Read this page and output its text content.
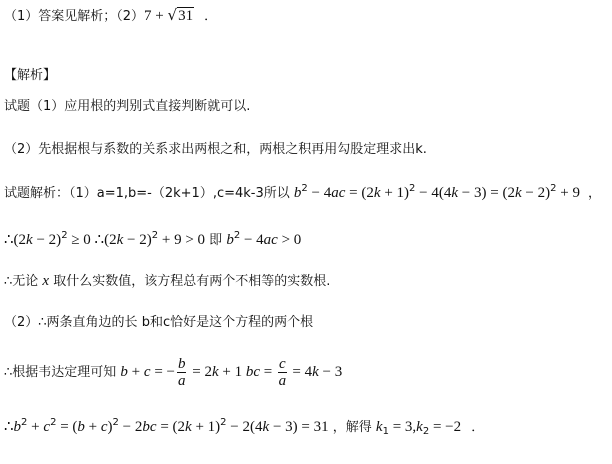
（1）答案见解析；（2）7 + √31 ．
【解析】
试题（1）应用根的判别式直接判断就可以.
（2）先根据根与系数的关系求出两根之和，两根之积再用勾股定理求出k.
试题解析：（1）a=1,b=-（2k+1）,c=4k-3所以 $b^2 - 4ac = (2k + 1)^2 - 4(4k - 3) = (2k - 2)^2 + 9$ ，
∴(2k − 2)$^2$ ≥ 0 ∴(2k − 2)$^2$ + 9 > 0 即 $b^2 - 4ac > 0$
∴无论 x 取什么实数值，该方程总有两个不相等的实数根.
（2）∴两条直角边的长 b和c恰好是这个方程的两个根
∴根据韦达定理可知 b + c = − $\frac{b}{a} = 2k + 1$ bc = $\frac{c}{a} = 4k - 3$
$\therefore b^2 + c^2 = (b + c)^2 - 2bc = (2k + 1)^2 - 2(4k - 3) = 31$ ，解得 $k_1 = 3,k_2 = -2$ ．
